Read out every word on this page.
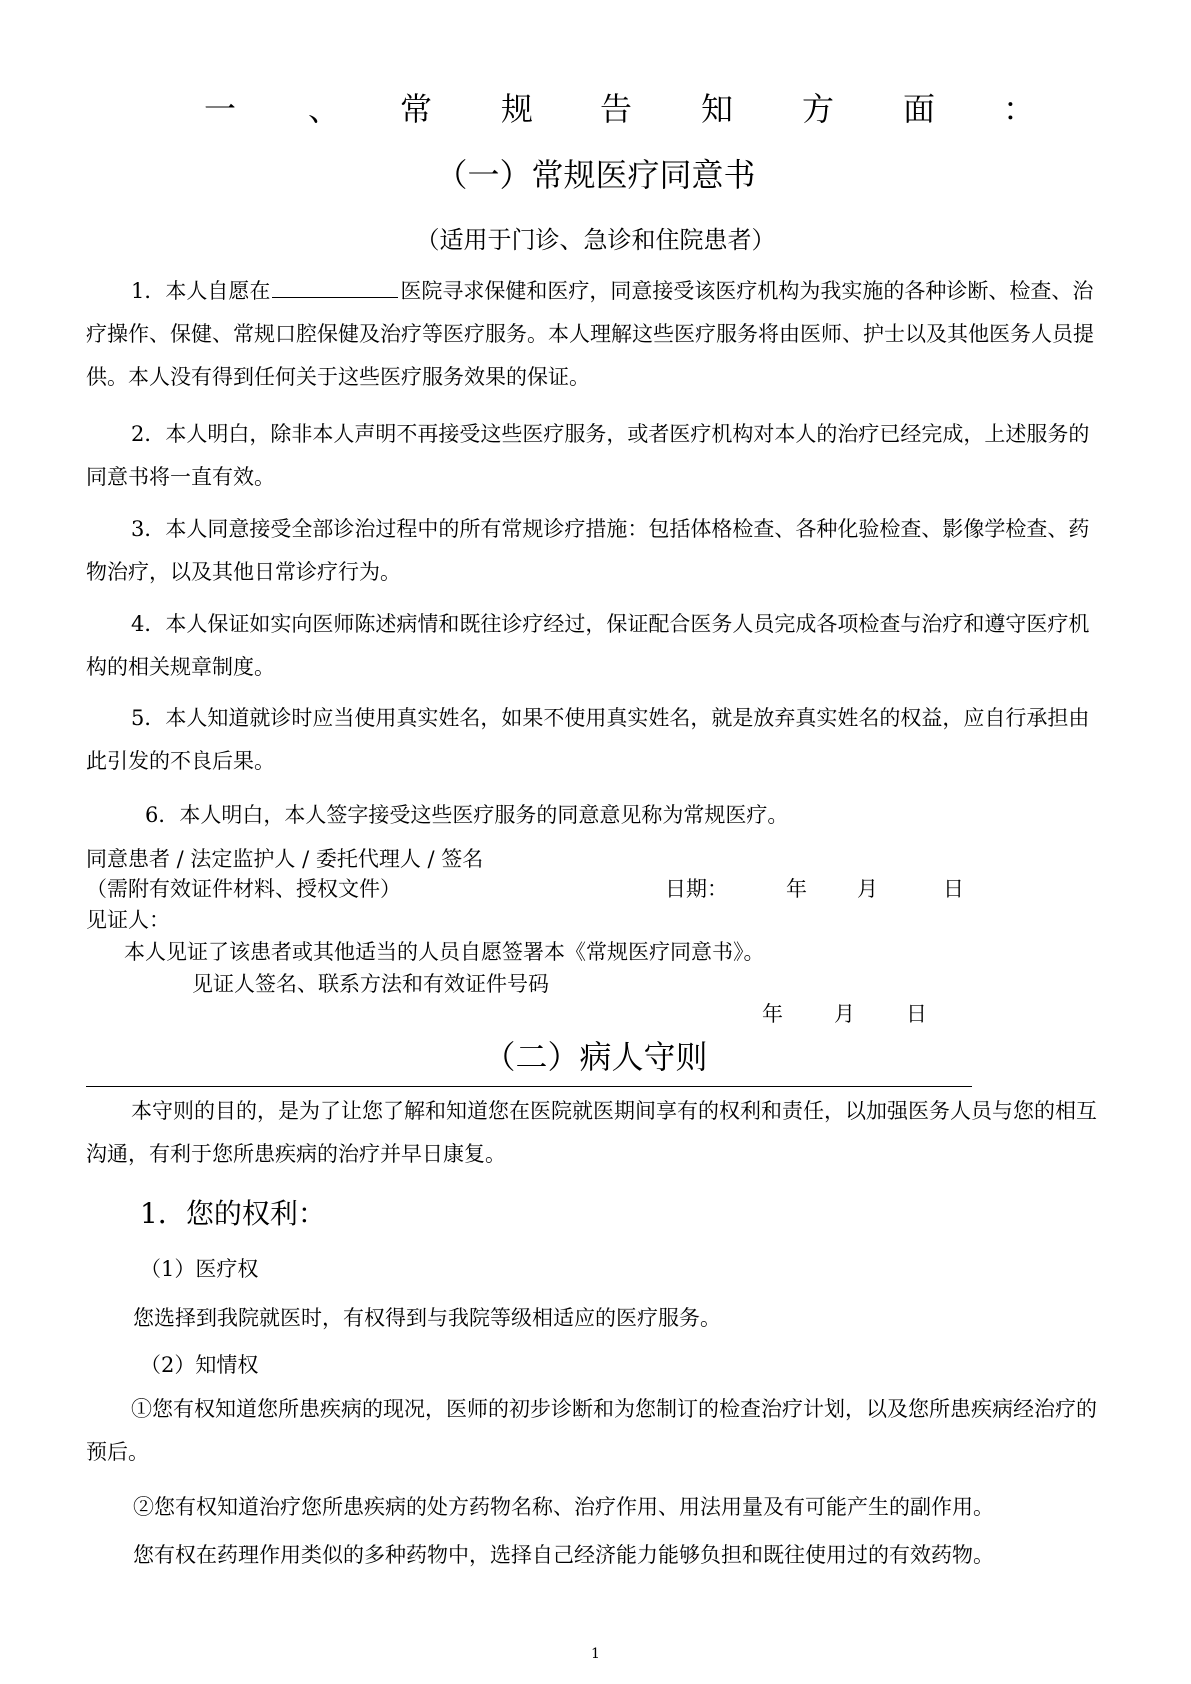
一 、 常 规 告 知 方 面 ：
（一）常规医疗同意书
（适用于门诊、急诊和住院患者）
1．本人自愿在	医院寻求保健和医疗，同意接受该医疗机构为我实施的各种诊断、检查、治疗操作、保健、常规口腔保健及治疗等医疗服务。本人理解这些医疗服务将由医师、护士以及其他医务人员提供。本人没有得到任何关于这些医疗服务效果的保证。
2．本人明白，除非本人声明不再接受这些医疗服务，或者医疗机构对本人的治疗已经完成，上述服务的同意书将一直有效。
3．本人同意接受全部诊治过程中的所有常规诊疗措施：包括体格检查、各种化验检查、影像学检查、药物治疗，以及其他日常诊疗行为。
4．本人保证如实向医师陈述病情和既往诊疗经过，保证配合医务人员完成各项检查与治疗和遵守医疗机构的相关规章制度。
5．本人知道就诊时应当使用真实姓名，如果不使用真实姓名，就是放弃真实姓名的权益，应自行承担由此引发的不良后果。
6．本人明白，本人签字接受这些医疗服务的同意意见称为常规医疗。
同意患者 / 法定监护人 / 委托代理人 / 签名
（需附有效证件材料、授权文件）	日期：	年 月	日
见证人：
本人见证了该患者或其他适当的人员自愿签署本《常规医疗同意书》。
见证人签名、联系方法和有效证件号码
年 月 日
（二）病人守则
本守则的目的，是为了让您了解和知道您在医院就医期间享有的权利和责任，以加强医务人员与您的相互沟通，有利于您所患疾病的治疗并早日康复。
1．您的权利：
（1）医疗权
您选择到我院就医时，有权得到与我院等级相适应的医疗服务。
（2）知情权
①您有权知道您所患疾病的现况，医师的初步诊断和为您制订的检查治疗计划，以及您所患疾病经治疗的预后。
②您有权知道治疗您所患疾病的处方药物名称、治疗作用、用法用量及有可能产生的副作用。
您有权在药理作用类似的多种药物中，选择自己经济能力能够负担和既往使用过的有效药物。
1
